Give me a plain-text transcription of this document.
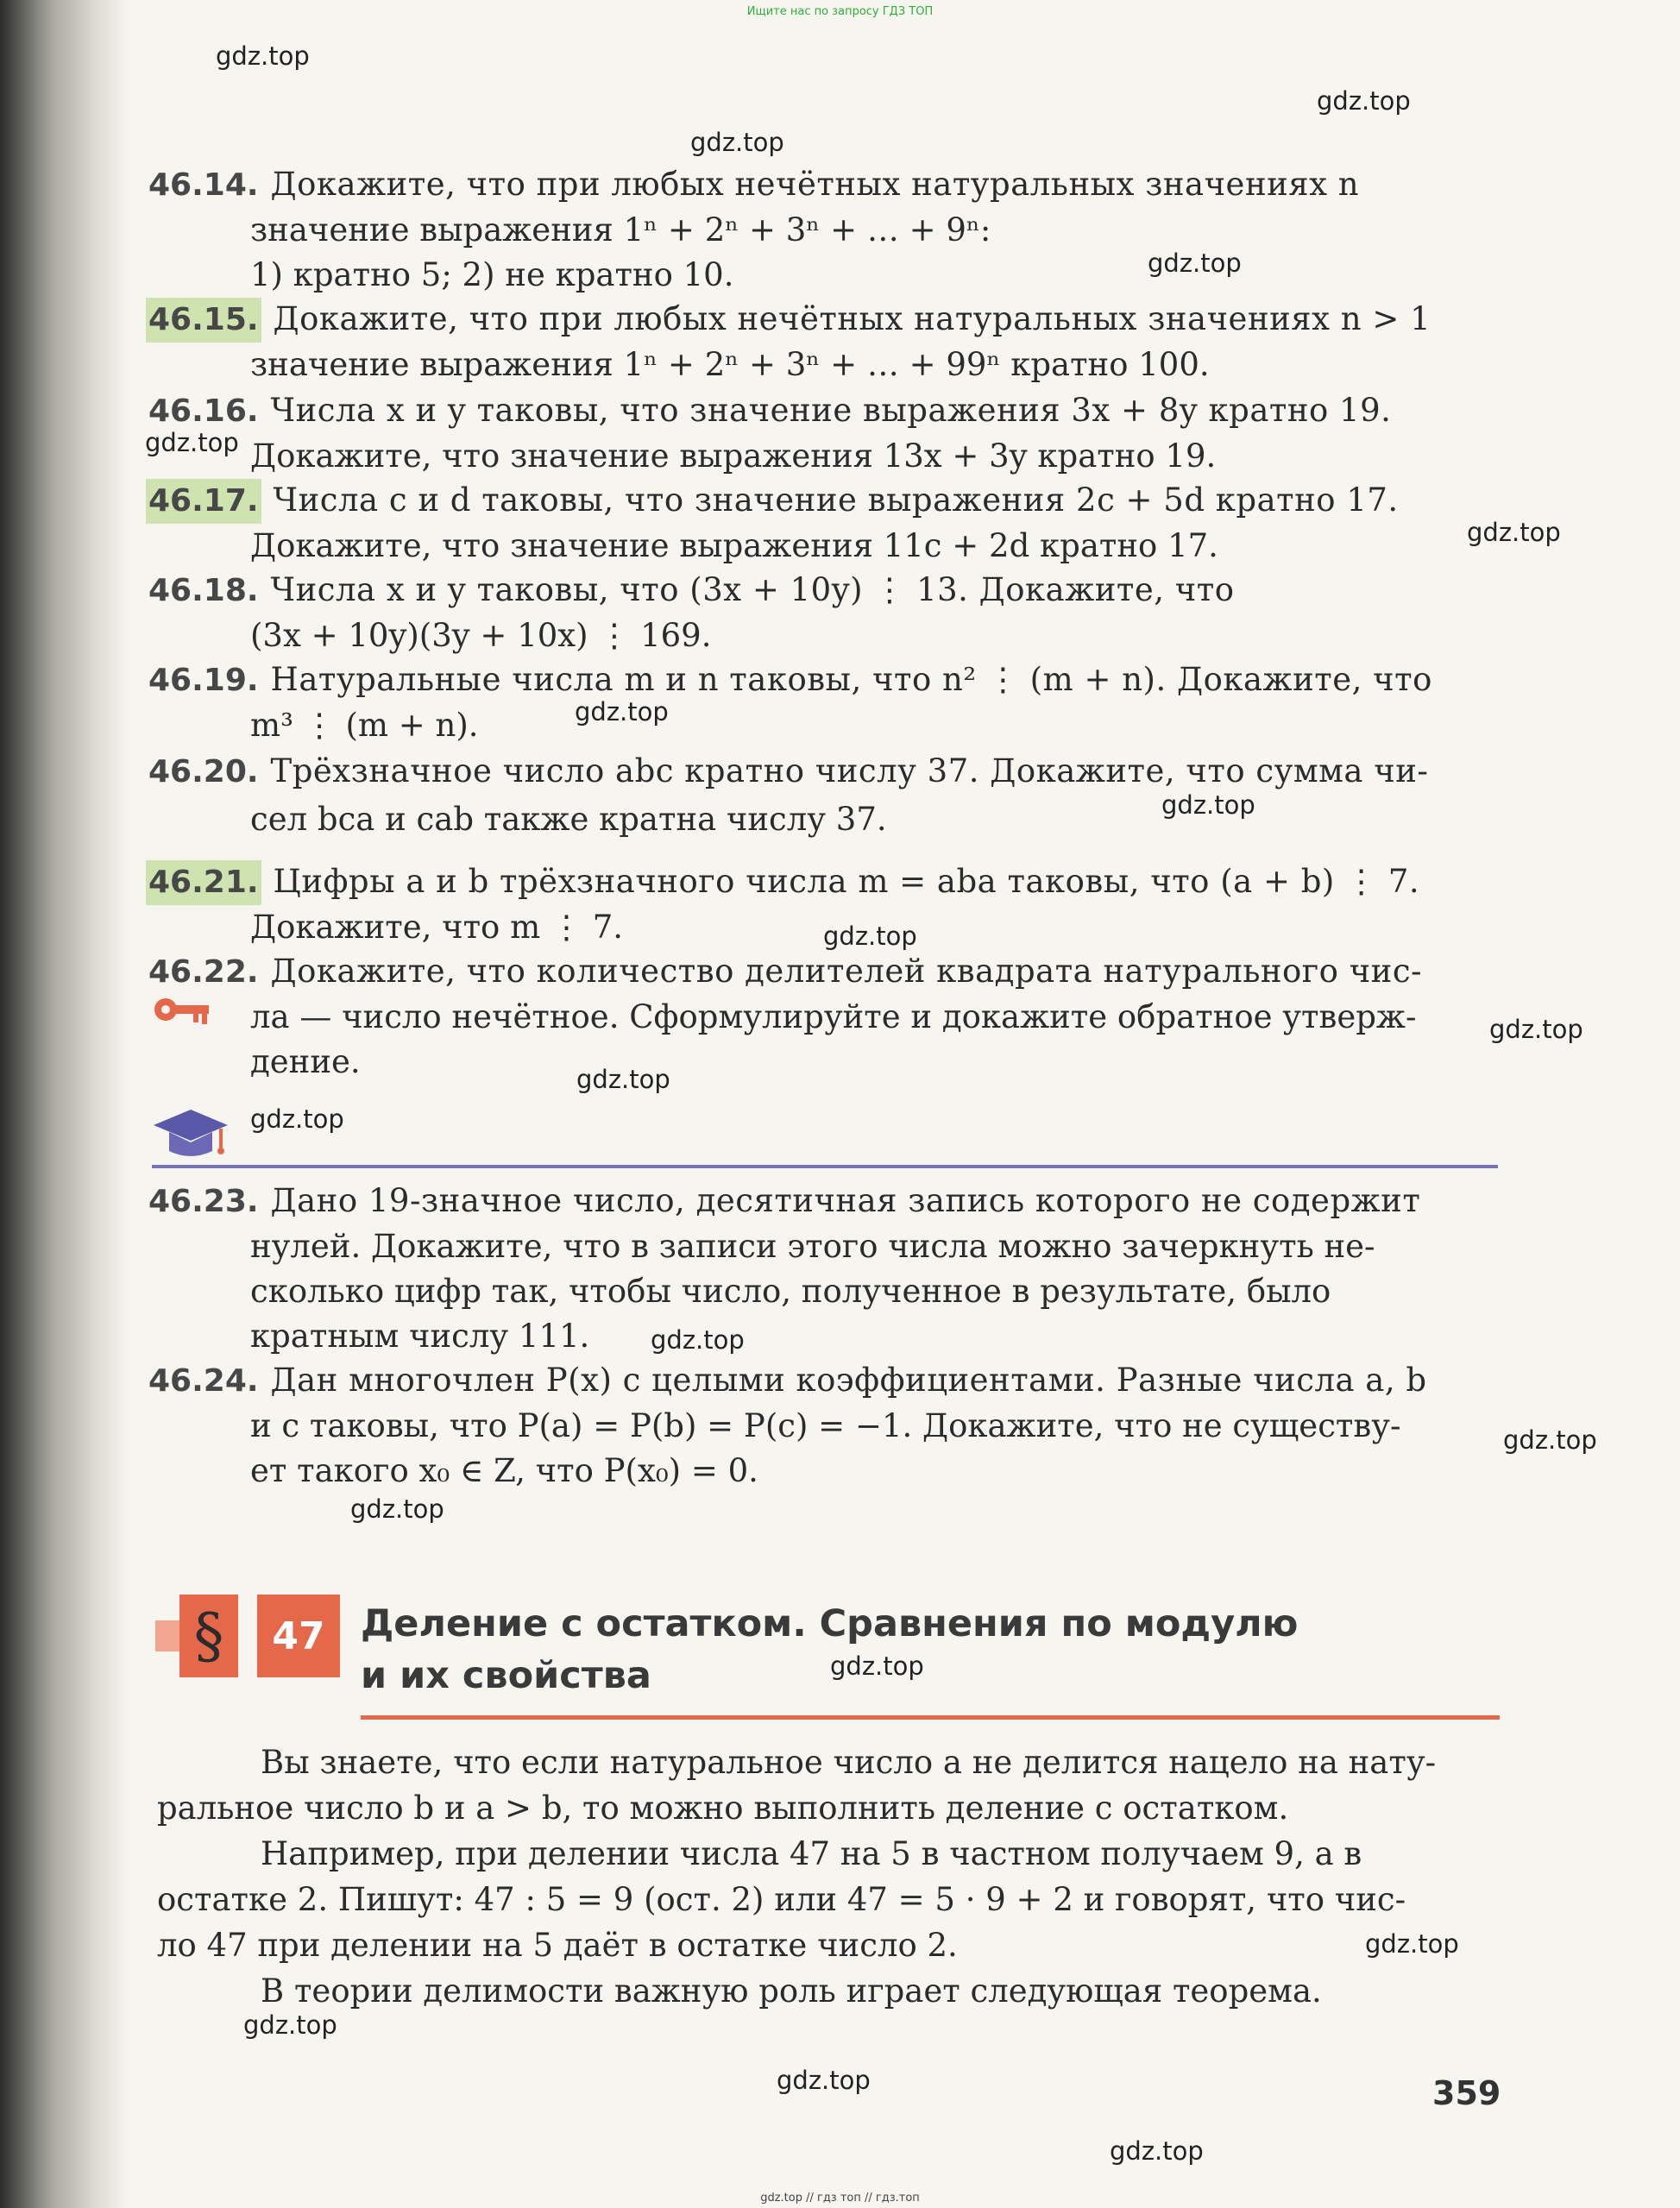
Ищите нас по запросу ГДЗ ТОП
46.14. Докажите, что при любых нечётных натуральных значениях n
значение выражения 1ⁿ + 2ⁿ + 3ⁿ + … + 9ⁿ:
1) кратно 5; 2) не кратно 10.
46.15. Докажите, что при любых нечётных натуральных значениях n > 1
значение выражения 1ⁿ + 2ⁿ + 3ⁿ + … + 99ⁿ кратно 100.
46.16. Числа x и y таковы, что значение выражения 3x + 8y кратно 19.
Докажите, что значение выражения 13x + 3y кратно 19.
46.17. Числа c и d таковы, что значение выражения 2c + 5d кратно 17.
Докажите, что значение выражения 11c + 2d кратно 17.
46.18. Числа x и y таковы, что (3x + 10y) ⋮ 13. Докажите, что
(3x + 10y)(3y + 10x) ⋮ 169.
46.19. Натуральные числа m и n таковы, что n² ⋮ (m + n). Докажите, что
m³ ⋮ (m + n).
46.20. Трёхзначное число abc кратно числу 37. Докажите, что сумма чи-
сел bca и cab также кратна числу 37.
46.21. Цифры a и b трёхзначного числа m = aba таковы, что (a + b) ⋮ 7.
Докажите, что m ⋮ 7.
46.22. Докажите, что количество делителей квадрата натурального чис-
ла — число нечётное. Сформулируйте и докажите обратное утверж-
дение.
46.23. Дано 19-значное число, десятичная запись которого не содержит
нулей. Докажите, что в записи этого числа можно зачеркнуть не-
сколько цифр так, чтобы число, полученное в результате, было
кратным числу 111.
46.24. Дан многочлен P(x) с целыми коэффициентами. Разные числа a, b
и c таковы, что P(a) = P(b) = P(c) = −1. Докажите, что не существу-
ет такого x₀ ∈ Z, что P(x₀) = 0.
§	47 Деление с остатком. Сравнения по модулю
и их свойства
Вы знаете, что если натуральное число a не делится нацело на нату-
ральное число b и a > b, то можно выполнить деление с остатком.
Например, при делении числа 47 на 5 в частном получаем 9, а в
остатке 2. Пишут: 47 : 5 = 9 (ост. 2) или 47 = 5 · 9 + 2 и говорят, что чис-
ло 47 при делении на 5 даёт в остатке число 2.
В теории делимости важную роль играет следующая теорема.
359
gdz.top
gdz.top
gdz.top
gdz.top
gdz.top
gdz.top
gdz.top
gdz.top
gdz.top
gdz.top
gdz.top
gdz.top
gdz.top
gdz.top
gdz.top
gdz.top
gdz.top
gdz.top
gdz.top
gdz.top
gdz.top // гдз топ // гдз.топ
